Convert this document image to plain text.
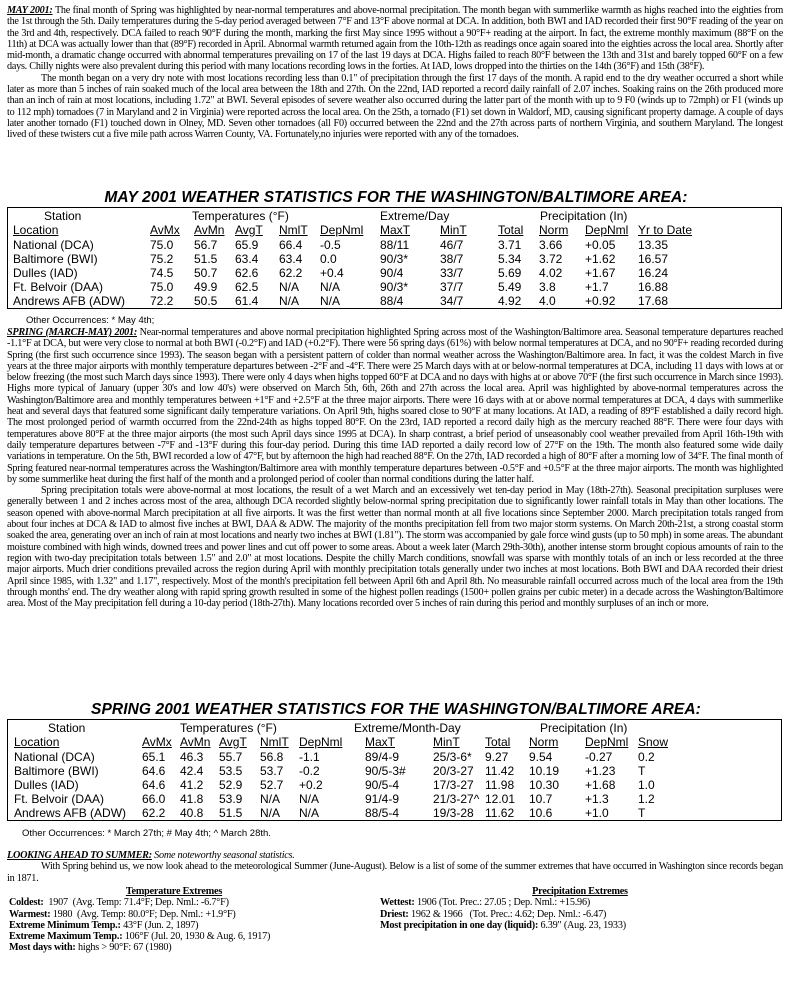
MAY 2001: The final month of Spring was highlighted by near-normal temperatures and above-normal precipitation. The month began with summerlike warmth as highs reached into the eighties from the 1st through the 5th. Daily temperatures during the 5-day period averaged between 7°F and 13°F above normal at DCA. In addition, both BWI and IAD recorded their first 90°F reading of the year on the 3rd and 4th, respectively. DCA failed to reach 90°F during the month, marking the first May since 1995 without a 90°F+ reading at the airport. In fact, the extreme monthly maximum (88°F on the 11th) at DCA was actually lower than that (89°F) recorded in April. Abnormal warmth returned again from the 10th-12th as readings once again soared into the eighties across the local area. Shortly after mid-month, a dramatic change occurred with abnormal temperatures prevailing on 17 of the last 19 days at DCA. Highs failed to reach 80°F between the 13th and 31st and barely topped 60°F on a few days. Chilly nights were also prevalent during this period with many locations recording lows in the forties. At IAD, lows dropped into the thirties on the 14th (36°F) and 15th (38°F).

The month began on a very dry note with most locations recording less than 0.1" of precipitation through the first 17 days of the month. A rapid end to the dry weather occurred a short while later as more than 5 inches of rain soaked much of the local area between the 18th and 27th. On the 22nd, IAD reported a record daily rainfall of 2.07 inches. Soaking rains on the 26th produced more than an inch of rain at most locations, including 1.72" at BWI. Several episodes of severe weather also occurred during the latter part of the month with up to 9 F0 (winds up to 72mph) or F1 (winds up to 112 mph) tornadoes (7 in Maryland and 2 in Virginia) were reported across the local area. On the 25th, a tornado (F1) set down in Waldorf, MD, causing significant property damage. A couple of days later another tornado (F1) touched down in Olney, MD. Seven other tornadoes (all F0) occurred between the 22nd and the 27th across parts of northern Virginia, and southern Maryland. The longest lived of these twisters cut a five mile path across Warren County, VA. Fortunately,no injuries were reported with any of the tornadoes.

MAY 2001 WEATHER STATISTICS FOR THE WASHINGTON/BALTIMORE AREA:
Station	Temperatures (°F)	Extreme/Day	Precipitation (In)
Location	AvMx AvMn AvgT NmlT DepNml MaxT	MinT	Total Norm DepNml Yr to Date
National (DCA)	75.0 56.7 65.9 66.4 -0.5	88/11	46/7	3.71 3.66 +0.05 13.35
Baltimore (BWI)	75.2 51.5 63.4 63.4 0.0	90/3*	38/7	5.34 3.72 +1.62 16.57
Dulles (IAD)	74.5 50.7 62.6 62.2 +0.4	90/4	33/7	5.69 4.02 +1.67 16.24
Ft. Belvoir (DAA)	75.0 49.9 62.5 N/A N/A	90/3*	37/7	5.49 3.8 +1.7 16.88
Andrews AFB (ADW) 72.2 50.5 61.4 N/A N/A	88/4	34/7	4.92 4.0 +0.92 17.68
Other Occurrences: * May 4th;

SPRING (MARCH-MAY) 2001: Near-normal temperatures and above normal precipitation highlighted Spring across most of the Washington/Baltimore area. Seasonal temperature departures reached -1.1°F at DCA, but were very close to normal at both BWI (-0.2°F) and IAD (+0.2°F). There were 56 spring days (61%) with below normal temperatures at DCA, and no 90°F+ reading recorded during Spring (the first such occurrence since 1993). The season began with a persistent pattern of colder than normal weather across the Washington/Baltimore area. In fact, it was the coldest March in five years at the three major airports with monthly temperature departures between -2°F and -4°F. There were 25 March days with at or below-normal temperatures at DCA, including 11 days with lows at or below freezing (the most such March days since 1993). There were only 4 days when highs topped 60°F at DCA and no days with highs at or above 70°F (the first such occurrence in March since 1993). Highs more typical of January (upper 30's and low 40's) were observed on March 5th, 6th, 26th and 27th across the local area. April was highlighted by above-normal temperatures across the Washington/Baltimore area and monthly temperatures between +1°F and +2.5°F at the three major airports. There were 16 days with at or above normal temperatures at DCA, 4 days with summerlike heat and several days that featured some significant daily temperature variations. On April 9th, highs soared close to 90°F at many locations. At IAD, a reading of 89°F established a daily record high. The most prolonged period of warmth occurred from the 22nd-24th as highs topped 80°F. On the 23rd, IAD reported a record daily high as the mercury reached 88°F. There were four days with temperatures above 80°F at the three major airports (the most such April days since 1995 at DCA). In sharp contrast, a brief period of unseasonably cool weather prevailed from April 16th-19th with daily temperature departures between -7°F and -13°F during this four-day period. During this time IAD reported a daily record low of 27°F on the 19th. The month also featured some wide daily variations in temperature. On the 5th, BWI recorded a low of 47°F, but by afternoon the high had reached 88°F. On the 27th, IAD recorded a high of 80°F after a morning low of 34°F. The final month of Spring featured near-normal temperatures across the Washington/Baltimore area with monthly temperature departures between -0.5°F and +0.5°F at the three major airports. The month was highlighted by some summerlike heat during the first half of the month and a prolonged period of cooler than normal conditions during the latter half.

Spring precipitation totals were above-normal at most locations, the result of a wet March and an excessively wet ten-day period in May (18th-27th). Seasonal precipitation surpluses were generally between 1 and 2 inches across most of the area, although DCA recorded slightly below-normal spring precipitation due to significantly lower rainfall totals in May than other locations. The season opened with above-normal March precipitation at all five airports. It was the first wetter than normal month at all five locations since September 2000. March precipitation totals ranged from about four inches at DCA & IAD to almost five inches at BWI, DAA & ADW. The majority of the months precipitation fell from two major storm systems. On March 20th-21st, a strong coastal storm soaked the area, generating over an inch of rain at most locations and nearly two inches at BWI (1.81"). The storm was accompanied by gale force wind gusts (up to 50 mph) in some areas. The abundant moisture combined with high winds, downed trees and power lines and cut off power to some areas. About a week later (March 29th-30th), another intense storm brought copious amounts of rain to the region with two-day precipitation totals between 1.5" and 2.0" at most locations. Despite the chilly March conditions, snowfall was sparse with monthly totals of an inch or less recorded at the three major airports. Much drier conditions prevailed across the region during April with monthly precipitation totals generally under two inches at most locations. Both BWI and DAA recorded their driest April since 1985, with 1.32" and 1.17", respectively. Most of the month's precipitation fell between April 6th and April 8th. No measurable rainfall occurred across much of the local area from the 19th through months' end. The dry weather along with rapid spring growth resulted in some of the highest pollen readings (1500+ pollen grains per cubic meter) in a decade across the Washington/Baltimore area. Most of the May precipitation fell during a 10-day period (18th-27th). Many locations recorded over 5 inches of rain during this period and monthly surpluses of an inch or more.

SPRING 2001 WEATHER STATISTICS FOR THE WASHINGTON/BALTIMORE AREA:
Station	Temperatures (°F)	Extreme/Month-Day	Precipitation (In)
Location	AvMx AvMn AvgT NmlT DepNml MaxT	MinT Total Norm DepNml Snow
National (DCA)	65.1 46.3 55.7 56.8 -1.1	89/4-9	25/3-6* 9.27 9.54	-0.27 0.2
Baltimore (BWI)	64.6 42.4 53.5 53.7 -0.2	90/5-3# 20/3-27 11.42 10.19 +1.23 T
Dulles (IAD)	64.6 41.2 52.9 52.7 +0.2	90/5-4	17/3-27 11.98 10.30 +1.68 1.0
Ft. Belvoir (DAA)	66.0 41.8 53.9 N/A N/A	91/4-9	21/3-27^ 12.01 10.7	+1.3 1.2
Andrews AFB (ADW) 62.2 40.8 51.5 N/A N/A	88/5-4	19/3-28 11.62 10.6	+1.0 T
Other Occurrences: * March 27th; # May 4th; ^ March 28th.

LOOKING AHEAD TO SUMMER: Some noteworthy seasonal statistics.

With Spring behind us, we now look ahead to the meteorological Summer (June-August). Below is a list of some of the summer extremes that have occurred in Washington since records began in 1871.

Temperature Extremes
Coldest:  1907  (Avg. Temp: 71.4°F; Dep. Nml.: -6.7°F)
Warmest: 1980  (Avg. Temp: 80.0°F; Dep. Nml.: +1.9°F)
Extreme Minimum Temp.: 43°F (Jun. 2, 1897)
Extreme Maximum Temp.: 106°F (Jul. 20, 1930 & Aug. 6, 1917)
Most days with: highs > 90°F: 67 (1980)
Precipitation Extremes
Wettest: 1906 (Tot. Prec.: 27.05 ; Dep. Nml.: +15.96)
Driest: 1962 & 1966   (Tot. Prec.: 4.62; Dep. Nml.: -6.47)
Most precipitation in one day (liquid): 6.39" (Aug. 23, 1933)
